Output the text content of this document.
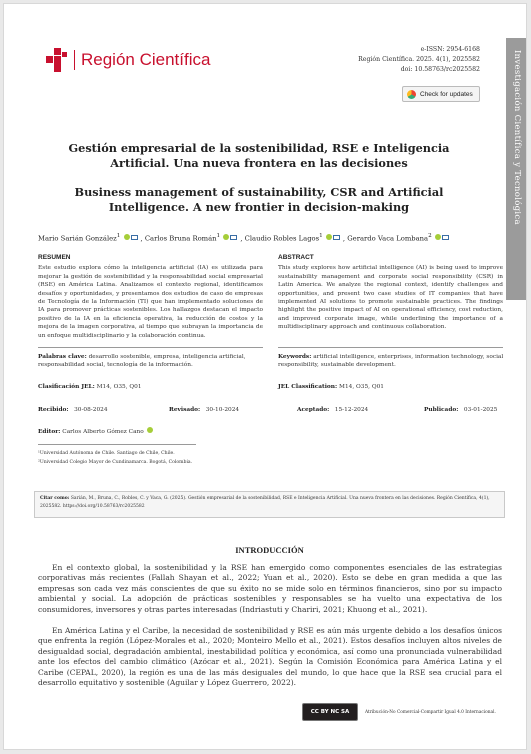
Región Científica
e-ISSN: 2954-6168
Región Científica. 2025. 4(1), 2025582
doi: 10.58763/rc2025582
Check for updates	Investigación Científica y Tecnológica
Gestión empresarial de la sostenibilidad, RSE e Inteligencia Artificial. Una nueva frontera en las decisiones
Business management of sustainability, CSR and Artificial Intelligence. A new frontier in decision-making
Mario Sarián González$^1$	, Carlos Bruna Román$^1$	, Claudio Robles Lagos$^1$	, Gerardo Vaca Lombana$^2$
RESUMEN

Este estudio explora cómo la inteligencia artificial (IA) es utilizada para mejorar la gestión de sostenibilidad y la responsabilidad social empresarial (RSE) en América Latina. Analizamos el contexto regional, identificamos desafíos y oportunidades, y presentamos dos estudios de caso de empresas de Tecnología de la Información (TI) que han implementado soluciones de IA para promover prácticas sostenibles. Los hallazgos destacan el impacto positivo de la IA en la eficiencia operativa, la reducción de costos y la mejora de la imagen corporativa, al tiempo que subrayan la importancia de un enfoque multidisciplinario y la colaboración continua.

ABSTRACT

This study explores how artificial intelligence (AI) is being used to improve sustainability management and corporate social responsibility (CSR) in Latin America. We analyze the regional context, identify challenges and opportunities, and present two case studies of IT companies that have implemented AI solutions to promote sustainable practices. The findings highlight the positive impact of AI on operational efficiency, cost reduction, and improved corporate image, while underlining the importance of a multidisciplinary approach and continuous collaboration.

Palabras clave: desarrollo sostenible, empresa, inteligencia artificial, responsabilidad social, tecnología de la información.
Keywords: artificial intelligence, enterprises, information technology, social responsibility, sustainable development.
Clasificación JEL: M14, O35, Q01	JEL Classification: M14, O35, Q01
Recibido: 30-08-2024	Revisado: 30-10-2024	Aceptado: 15-12-2024	Publicado: 03-01-2025
Editor: Carlos Alberto Gómez Cano
¹Universidad Autónoma de Chile. Santiago de Chile, Chile.
²Universidad Colegio Mayor de Cundinamarca. Bogotá, Colombia.
Citar como: Sarián, M., Bruna, C., Robles, C. y Vaca, G. (2025). Gestión empresarial de la sostenibilidad, RSE e Inteligencia Artificial. Una nueva frontera en las decisiones. Región Científica, 4(1), 2025582. https://doi.org/10.58763/rc2025582
INTRODUCCIÓN

En el contexto global, la sostenibilidad y la RSE han emergido como componentes esenciales de las estrategias corporativas más recientes (Fallah Shayan et al., 2022; Yuan et al., 2020). Esto se debe en gran medida a que las empresas son cada vez más conscientes de que su éxito no se mide solo en términos financieros, sino por su impacto ambiental y social. La adopción de prácticas sostenibles y responsables se ha vuelto una expectativa de los consumidores, inversores y otras partes interesadas (Indriastuti y Chariri, 2021; Khuong et al., 2021).

En América Latina y el Caribe, la necesidad de sostenibilidad y RSE es aún más urgente debido a los desafíos únicos que enfrenta la región (López-Morales et al., 2020; Monteiro Mello et al., 2021). Estos desafíos incluyen altos niveles de desigualdad social, degradación ambiental, inestabilidad política y económica, así como una pronunciada vulnerabilidad ante los efectos del cambio climático (Azócar et al., 2021). Según la Comisión Económica para América Latina y el Caribe (CEPAL, 2020), la región es una de las más desiguales del mundo, lo que hace que la RSE sea crucial para el desarrollo equitativo y sostenible (Aguilar y López Guerrero, 2022).

CC BY NC SA	Atribución-No Comercial-Compartir Igual 4.0 Internacional.
